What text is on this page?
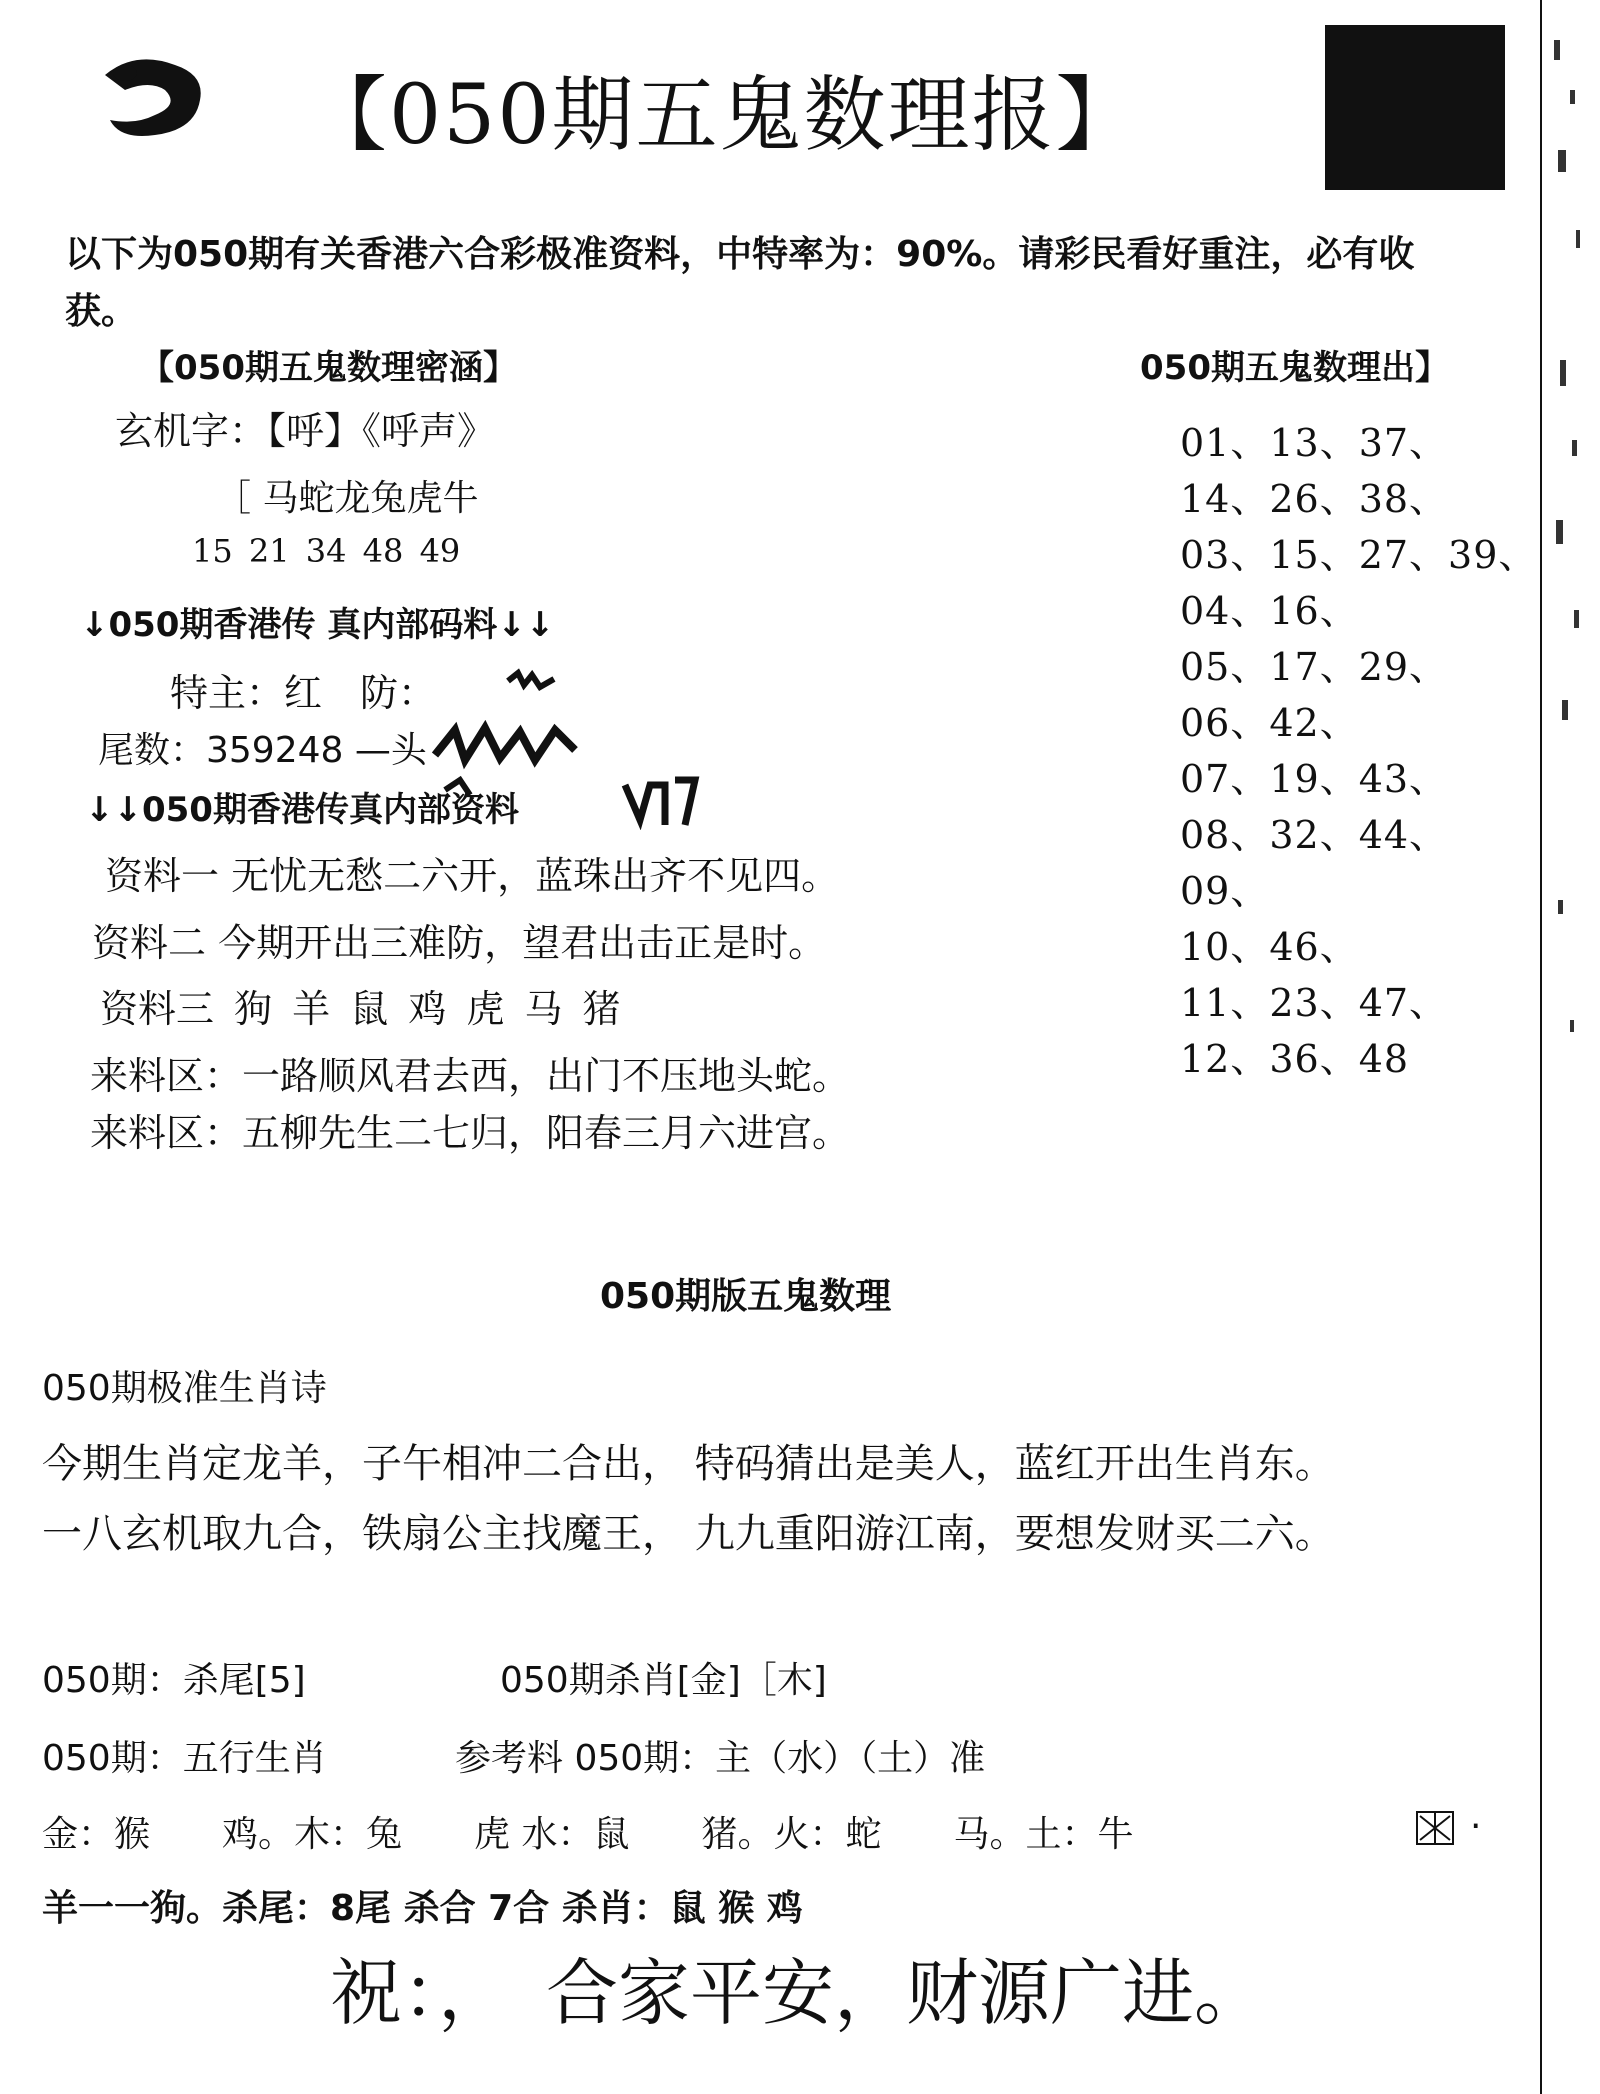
【050期五鬼数理报】
以下为050期有关香港六合彩极准资料，中特率为：90%。请彩民看好重注，必有收
获。
【050期五鬼数理密涵】
玄机字：【呼】《呼声》
［ 马蛇龙兔虎牛
15 21 34 48 49
↓050期香港传 真内部码料↓↓
特主：红　防：
尾数：359248 —头
↓↓050期香港传真内部资料
资料一 无忧无愁二六开，蓝珠出齐不见四。
资料二 今期开出三难防，望君出击正是时。
资料三 狗 羊 鼠 鸡 虎 马 猪
来料区：一路顺风君去西，出门不压地头蛇。
来料区：五柳先生二七归，阳春三月六进宫。
050期五鬼数理出】
01、13、37、
14、26、38、
03、15、27、39、
04、16、
05、17、29、
06、42、
07、19、43、
08、32、44、
09、
10、46、
11、23、47、
12、36、48
050期版五鬼数理
050期极准生肖诗
今期生肖定龙羊，子午相冲二合出， 特码猜出是美人，蓝红开出生肖东。
一八玄机取九合，铁扇公主找魔王， 九九重阳游江南，要想发财买二六。
050期：杀尾[5]	050期杀肖[金]［木]
050期：五行生肖	参考料 050期：主（水）（土）准
金：猴　　鸡。木：兔　　虎 水：鼠　　猪。火：蛇　　马。土：牛　　	·
羊一一狗。杀尾：8尾 杀合 7合 杀肖：鼠 猴 鸡
祝：，　合家平安，财源广进。
